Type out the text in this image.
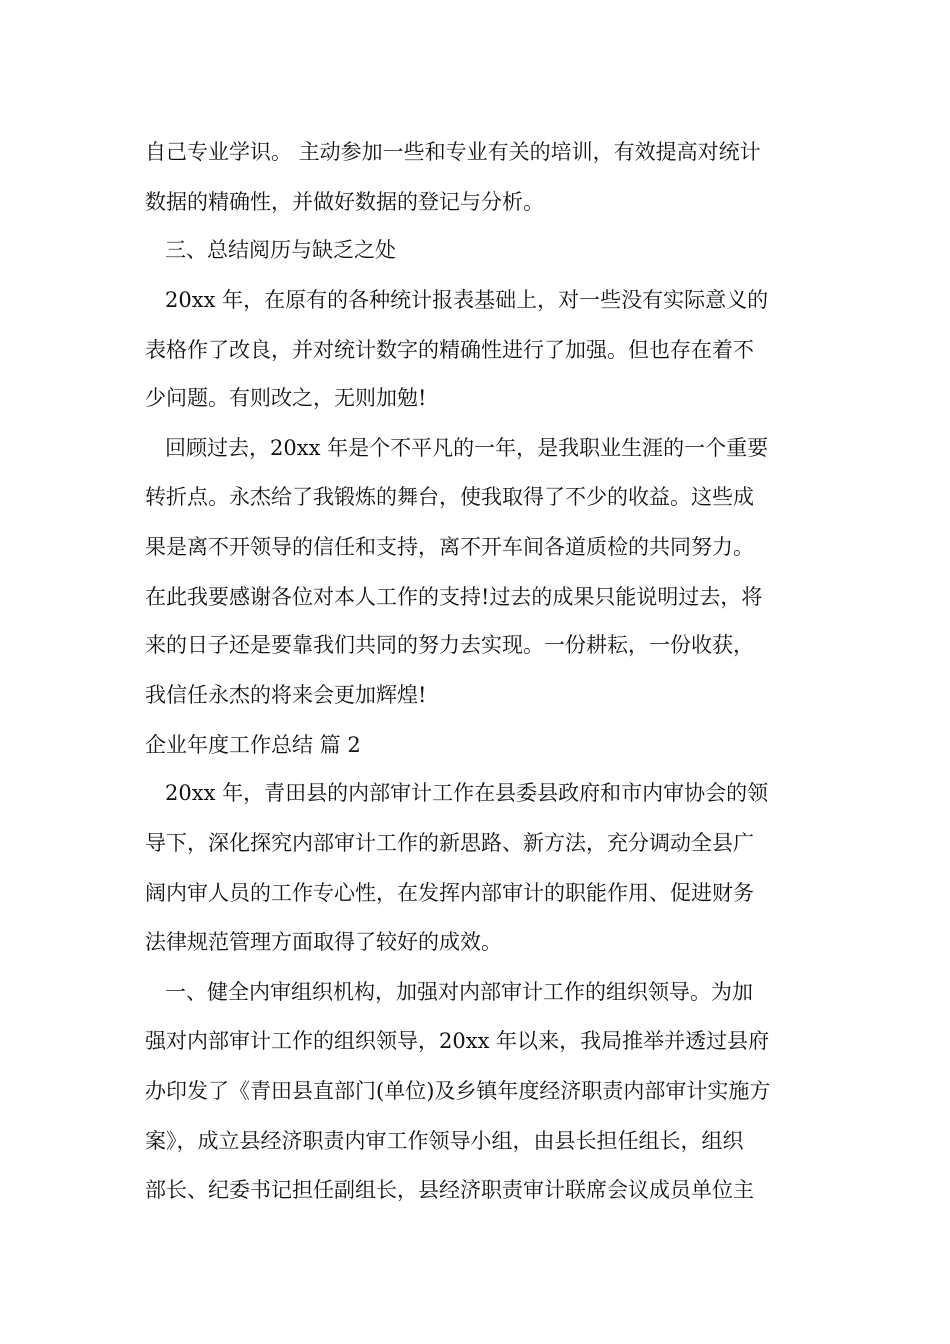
自己专业学识。 主动参加一些和专业有关的培训，有效提高对统计
数据的精确性，并做好数据的登记与分析。
三、总结阅历与缺乏之处
20xx 年，在原有的各种统计报表基础上，对一些没有实际意义的
表格作了改良，并对统计数字的精确性进行了加强。但也存在着不
少问题。有则改之，无则加勉!
回顾过去，20xx 年是个不平凡的一年，是我职业生涯的一个重要
转折点。永杰给了我锻炼的舞台，使我取得了不少的收益。这些成
果是离不开领导的信任和支持，离不开车间各道质检的共同努力。
在此我要感谢各位对本人工作的支持!过去的成果只能说明过去，将
来的日子还是要靠我们共同的努力去实现。一份耕耘，一份收获，
我信任永杰的将来会更加辉煌!
企业年度工作总结 篇 2
20xx 年，青田县的内部审计工作在县委县政府和市内审协会的领
导下，深化探究内部审计工作的新思路、新方法，充分调动全县广
阔内审人员的工作专心性，在发挥内部审计的职能作用、促进财务
法律规范管理方面取得了较好的成效。
一、健全内审组织机构，加强对内部审计工作的组织领导。为加
强对内部审计工作的组织领导，20xx 年以来，我局推举并透过县府
办印发了《青田县直部门(单位)及乡镇年度经济职责内部审计实施方
案》，成立县经济职责内审工作领导小组，由县长担任组长，组织
部长、纪委书记担任副组长，县经济职责审计联席会议成员单位主
